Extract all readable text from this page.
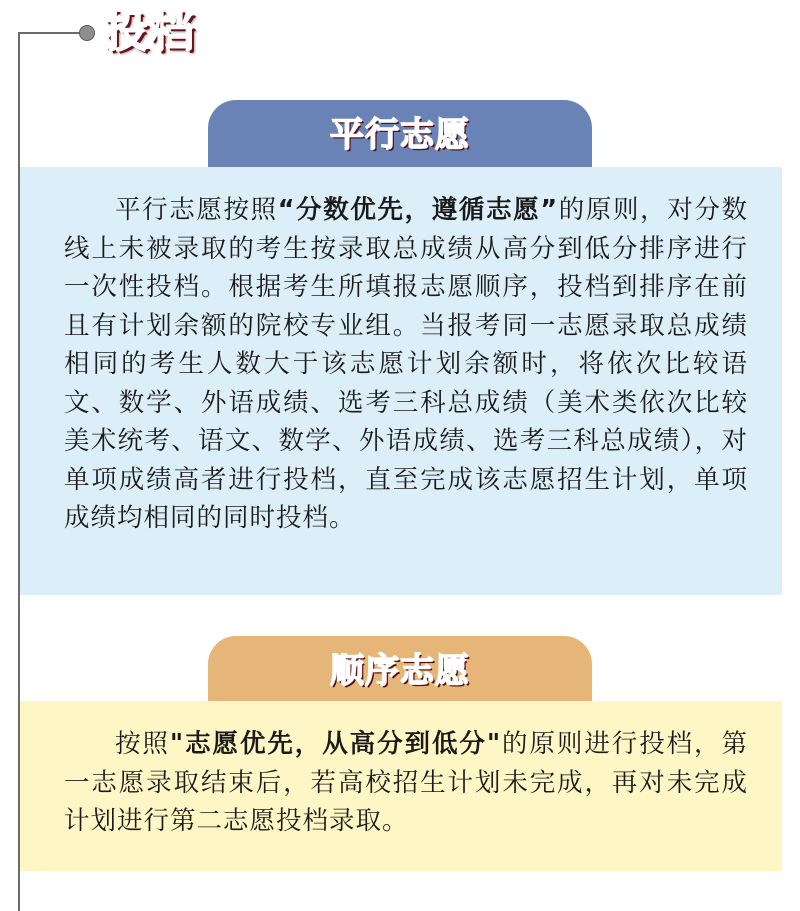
投档
平行志愿

平行志愿按照“分数优先，遵循志愿”的原则，对分数线上未被录取的考生按录取总成绩从高分到低分排序进行一次性投档。根据考生所填报志愿顺序，投档到排序在前且有计划余额的院校专业组。当报考同一志愿录取总成绩相同的考生人数大于该志愿计划余额时，将依次比较语文、数学、外语成绩、选考三科总成绩（美术类依次比较美术统考、语文、数学、外语成绩、选考三科总成绩），对单项成绩高者进行投档，直至完成该志愿招生计划，单项成绩均相同的同时投档。

顺序志愿

按照"志愿优先，从高分到低分"的原则进行投档，第一志愿录取结束后，若高校招生计划未完成，再对未完成计划进行第二志愿投档录取。
